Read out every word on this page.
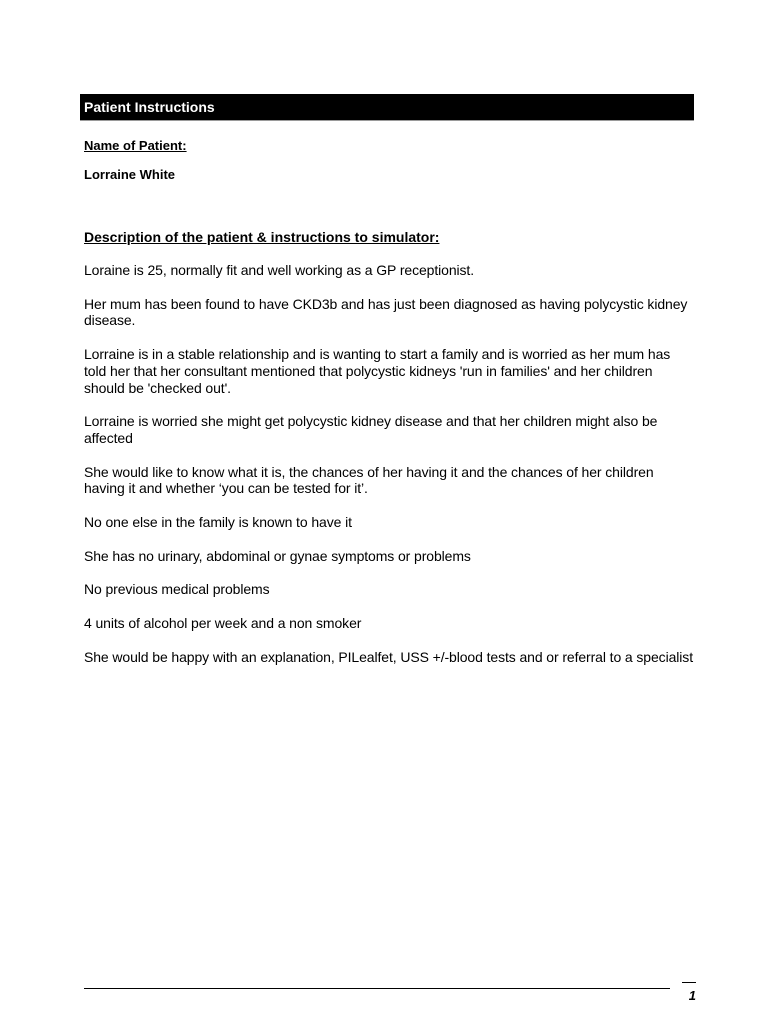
Patient Instructions
Name of Patient:
Lorraine White
Description of the patient & instructions to simulator:

Loraine is 25, normally fit and well working as a GP receptionist.

Her mum has been found to have CKD3b and has just been diagnosed as having polycystic kidney disease.

Lorraine is in a stable relationship and is wanting to start a family and is worried as her mum has told her that her consultant mentioned that polycystic kidneys 'run in families' and her children should be 'checked out'.

Lorraine is worried she might get polycystic kidney disease and that her children might also be affected

She would like to know what it is, the chances of her having it and the chances of her children having it and whether ‘you can be tested for it’.

No one else in the family is known to have it

She has no urinary, abdominal or gynae symptoms or problems

No previous medical problems

4 units of alcohol per week and a non smoker

She would be happy with an explanation, PILealfet, USS +/-blood tests and or referral to a specialist

1
